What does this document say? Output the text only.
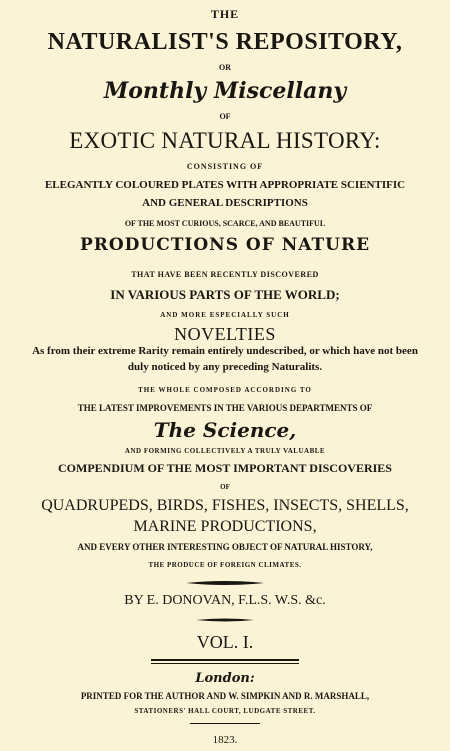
THE

NATURALIST'S REPOSITORY,

OR

Monthly Miscellany

OF

EXOTIC NATURAL HISTORY:

CONSISTING OF

ELEGANTLY COLOURED PLATES WITH APPROPRIATE SCIENTIFIC

AND GENERAL DESCRIPTIONS

OF THE MOST CURIOUS, SCARCE, AND BEAUTIFUL

PRODUCTIONS OF NATURE

THAT HAVE BEEN RECENTLY DISCOVERED

IN VARIOUS PARTS OF THE WORLD;

AND MORE ESPECIALLY SUCH

NOVELTIES

As from their extreme Rarity remain entirely undescribed, or which have not been

duly noticed by any preceding Naturalits.

THE WHOLE COMPOSED ACCORDING TO

THE LATEST IMPROVEMENTS IN THE VARIOUS DEPARTMENTS OF

The Science,

AND FORMING COLLECTIVELY A TRULY VALUABLE

COMPENDIUM OF THE MOST IMPORTANT DISCOVERIES

OF

QUADRUPEDS, BIRDS, FISHES, INSECTS, SHELLS,

MARINE PRODUCTIONS,

AND EVERY OTHER INTERESTING OBJECT OF NATURAL HISTORY,

THE PRODUCE OF FOREIGN CLIMATES.

BY E. DONOVAN, F.L.S. W.S. &c.

VOL. I.

London:

PRINTED FOR THE AUTHOR AND W. SIMPKIN AND R. MARSHALL,

STATIONERS' HALL COURT, LUDGATE STREET.

1823.
